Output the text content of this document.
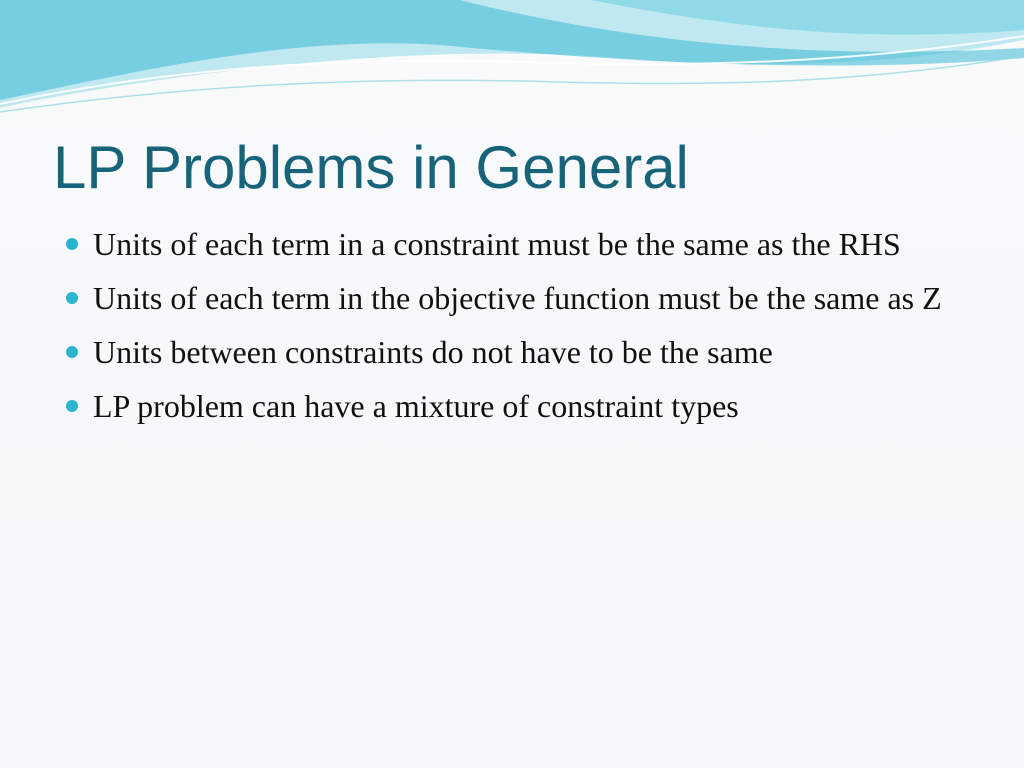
LP Problems in General
Units of each term in a constraint must be the same as the RHS
Units of each term in the objective function must be the same as Z
Units between constraints do not have to be the same
LP problem can have a mixture of constraint types
